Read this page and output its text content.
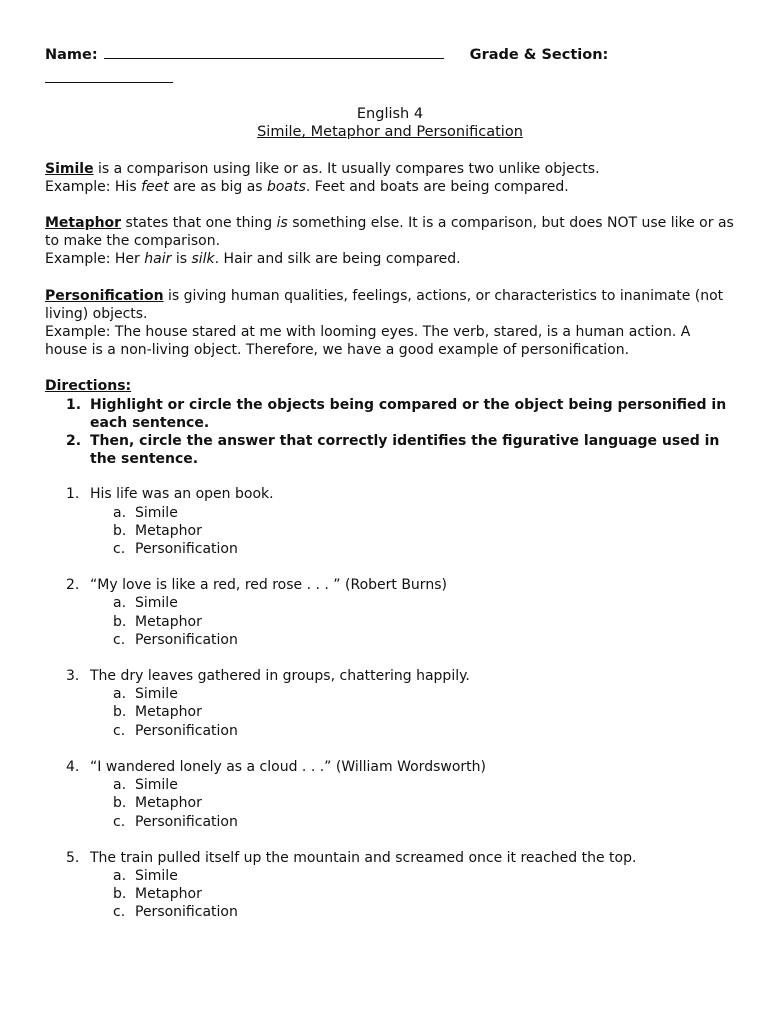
Name:	Grade & Section:
English 4
Simile, Metaphor and Personification
Simile is a comparison using like or as. It usually compares two unlike objects.
Example: His feet are as big as boats. Feet and boats are being compared.
Metaphor states that one thing is something else. It is a comparison, but does NOT use like or as to make the comparison.
Example: Her hair is silk. Hair and silk are being compared.
Personification is giving human qualities, feelings, actions, or characteristics to inanimate (not living) objects.
Example: The house stared at me with looming eyes. The verb, stared, is a human action. A house is a non-living object. Therefore, we have a good example of personification.
Directions:
1. Highlight or circle the objects being compared or the object being personified in each sentence.
2. Then, circle the answer that correctly identifies the figurative language used in the sentence.
1. His life was an open book.
a. Simile
b. Metaphor
c. Personification
2. “My love is like a red, red rose . . . ” (Robert Burns)
a. Simile
b. Metaphor
c. Personification
3. The dry leaves gathered in groups, chattering happily.
a. Simile
b. Metaphor
c. Personification
4. “I wandered lonely as a cloud . . .” (William Wordsworth)
a. Simile
b. Metaphor
c. Personification
5. The train pulled itself up the mountain and screamed once it reached the top.
a. Simile
b. Metaphor
c. Personification
